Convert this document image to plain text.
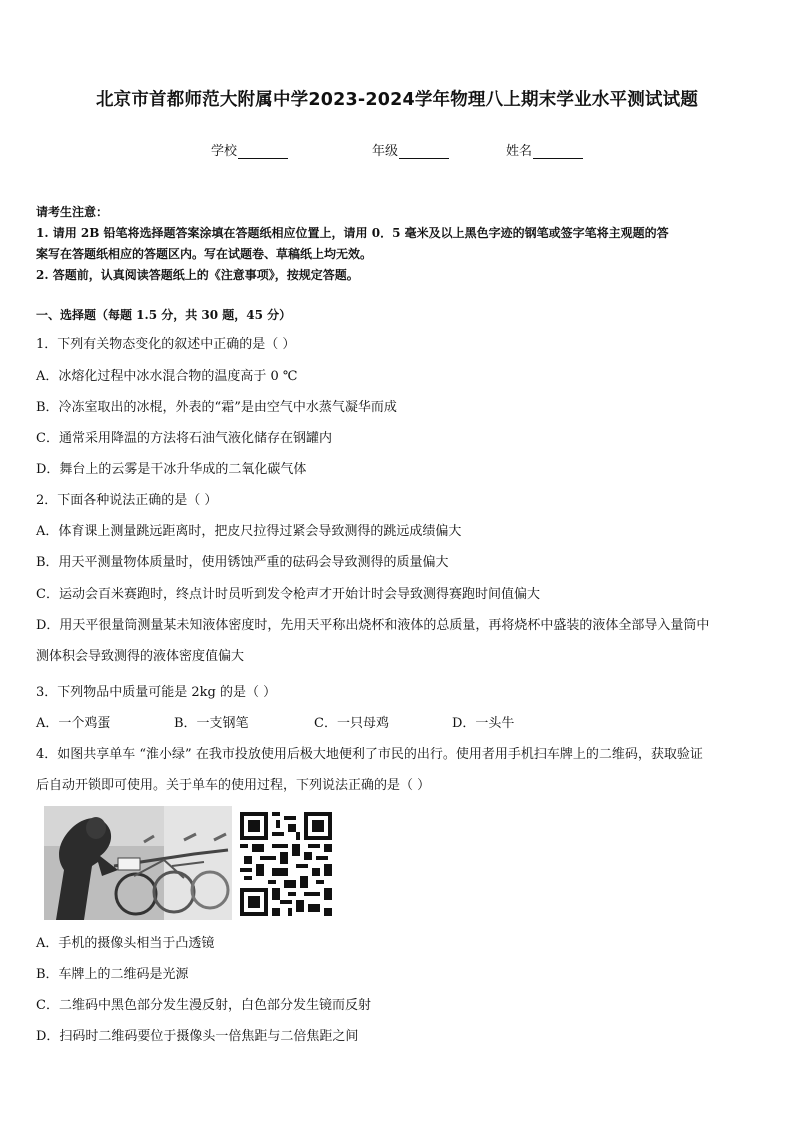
北京市首都师范大附属中学2023-2024学年物理八上期末学业水平测试试题
学校	年级	姓名
请考生注意：
1. 请用 2B 铅笔将选择题答案涂填在答题纸相应位置上，请用 0．5 毫米及以上黑色字迹的钢笔或签字笔将主观题的答
案写在答题纸相应的答题区内。写在试题卷、草稿纸上均无效。
2. 答题前，认真阅读答题纸上的《注意事项》，按规定答题。
一、选择题（每题 1.5 分，共 30 题，45 分）
1．下列有关物态变化的叙述中正确的是（ ）
A．冰熔化过程中冰水混合物的温度高于 0 ℃
B．冷冻室取出的冰棍，外表的“霜”是由空气中水蒸气凝华而成
C．通常采用降温的方法将石油气液化储存在钢罐内
D．舞台上的云雾是干冰升华成的二氧化碳气体
2．下面各种说法正确的是（ ）
A．体育课上测量跳远距离时，把皮尺拉得过紧会导致测得的跳远成绩偏大
B．用天平测量物体质量时，使用锈蚀严重的砝码会导致测得的质量偏大
C．运动会百米赛跑时，终点计时员听到发令枪声才开始计时会导致测得赛跑时间值偏大
D．用天平很量筒测量某未知液体密度时，先用天平称出烧杯和液体的总质量，再将烧杯中盛装的液体全部导入量筒中
测体积会导致测得的液体密度值偏大
3．下列物品中质量可能是 2kg 的是（ ）
A．一个鸡蛋	B．一支钢笔	C．一只母鸡	D．一头牛
4．如图共享单车 “淮小绿” 在我市投放使用后极大地便利了市民的出行。使用者用手机扫车牌上的二维码，获取验证
后自动开锁即可使用。关于单车的使用过程，下列说法正确的是（ ）
A．手机的摄像头相当于凸透镜
B．车牌上的二维码是光源
C．二维码中黑色部分发生漫反射，白色部分发生镜而反射
D．扫码时二维码要位于摄像头一倍焦距与二倍焦距之间
